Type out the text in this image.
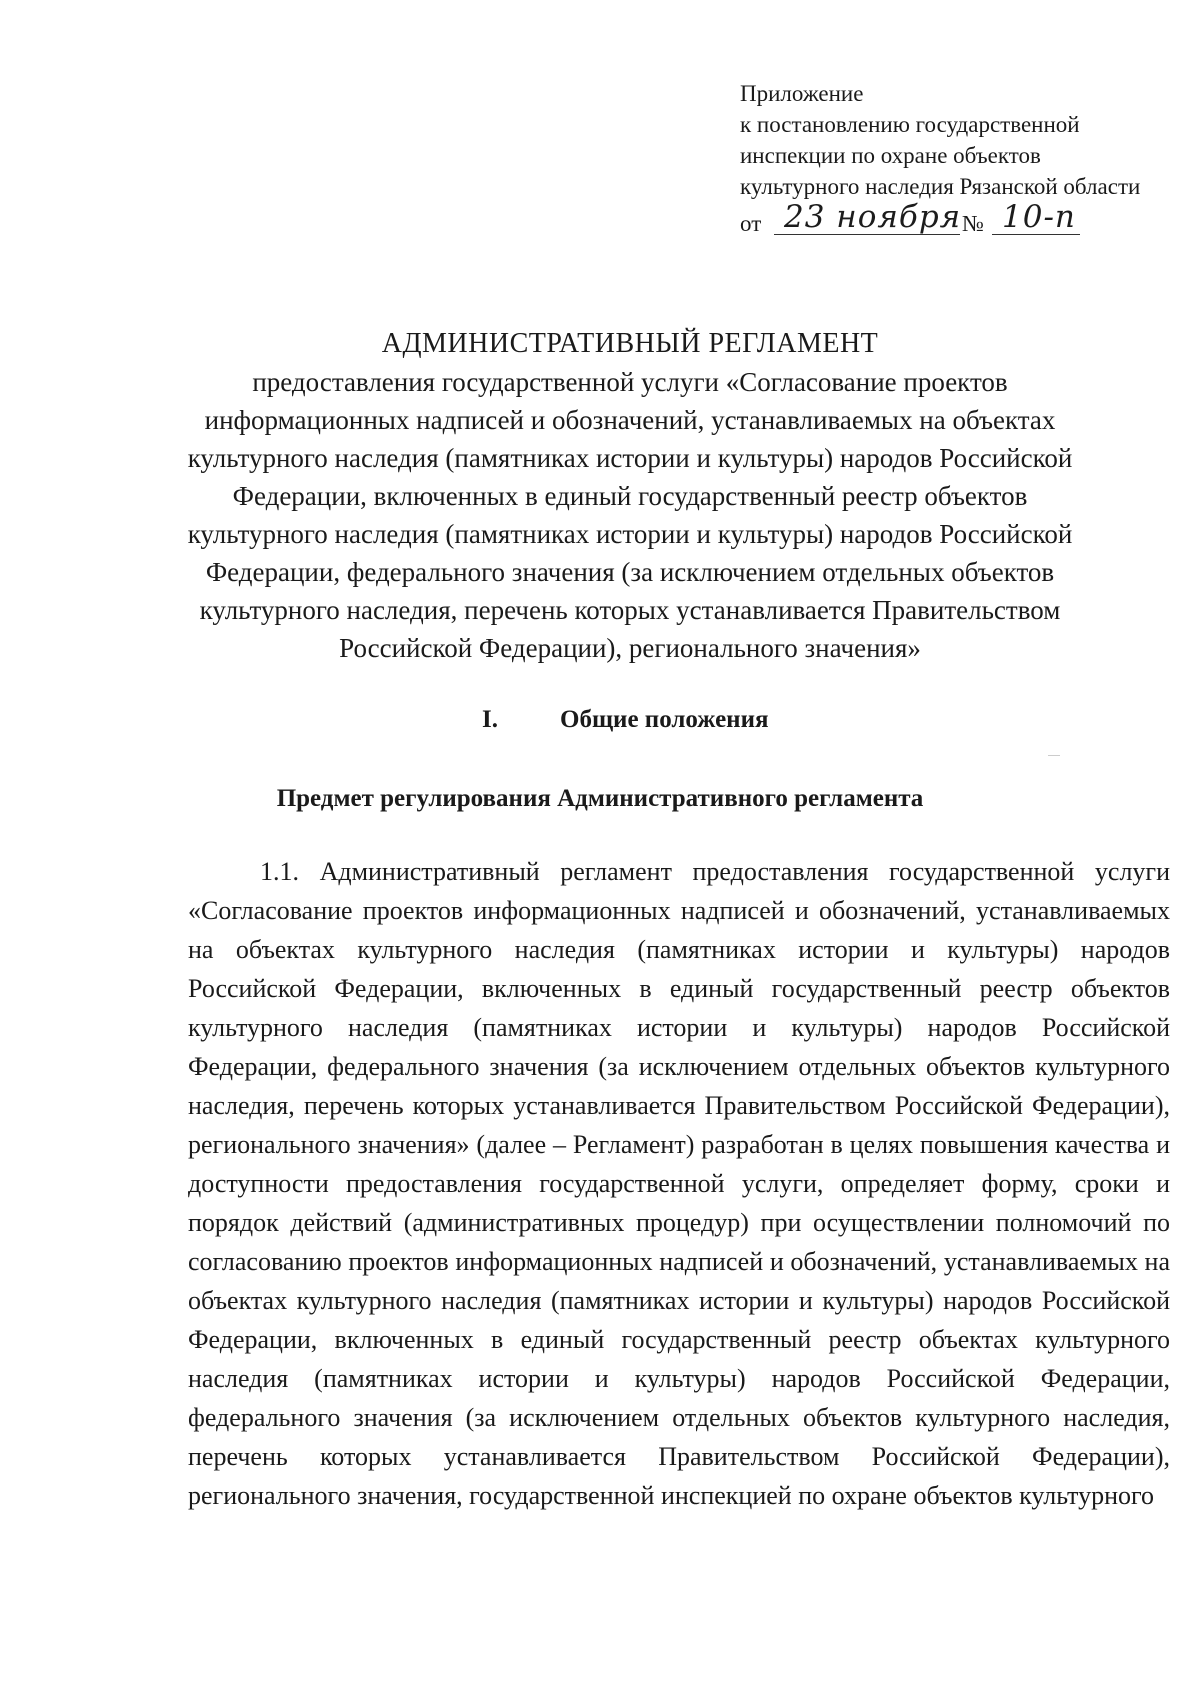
Приложение
к постановлению государственной
инспекции по охране объектов
культурного наследия Рязанской области
от 23 ноября № 10-п
АДМИНИСТРАТИВНЫЙ РЕГЛАМЕНТ
предоставления государственной услуги «Согласование проектов
информационных надписей и обозначений, устанавливаемых на объектах
культурного наследия (памятниках истории и культуры) народов Российской
Федерации, включенных в единый государственный реестр объектов
культурного наследия (памятниках истории и культуры) народов Российской
Федерации, федерального значения (за исключением отдельных объектов
культурного наследия, перечень которых устанавливается Правительством
Российской Федерации), регионального значения»
I. Общие положения
Предмет регулирования Административного регламента

1.1. Административный регламент предоставления государственной услуги «Согласование проектов информационных надписей и обозначений, устанавливаемых на объектах культурного наследия (памятниках истории и культуры) народов Российской Федерации, включенных в единый государственный реестр объектов культурного наследия (памятниках истории и культуры) народов Российской Федерации, федерального значения (за исключением отдельных объектов культурного наследия, перечень которых устанавливается Правительством Российской Федерации), регионального значения» (далее – Регламент) разработан в целях повышения качества и доступности предоставления государственной услуги, определяет форму, сроки и порядок действий (административных процедур) при осуществлении полномочий по согласованию проектов информационных надписей и обозначений, устанавливаемых на объектах культурного наследия (памятниках истории и культуры) народов Российской Федерации, включенных в единый государственный реестр объектах культурного наследия (памятниках истории и культуры) народов Российской Федерации, федерального значения (за исключением отдельных объектов культурного наследия, перечень которых устанавливается Правительством Российской Федерации), регионального значения, государственной инспекцией по охране объектов культурного
